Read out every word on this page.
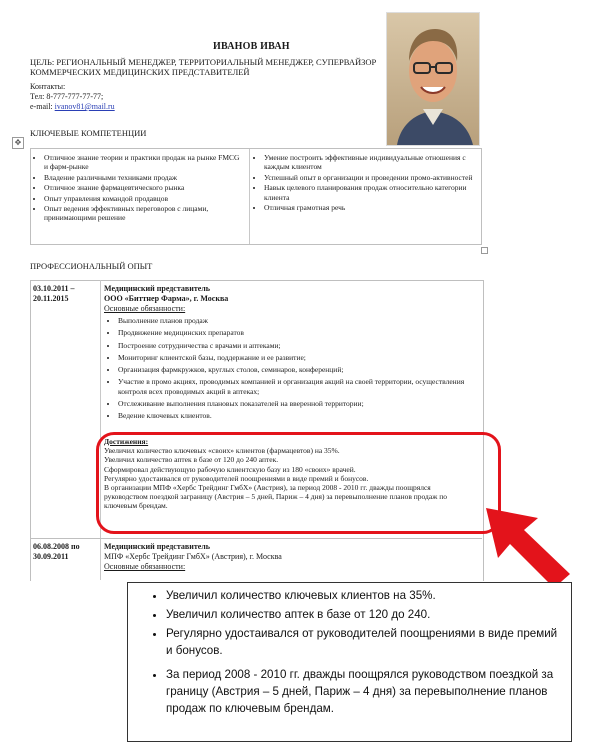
ИВАНОВ ИВАН
ЦЕЛЬ: РЕГИОНАЛЬНЫЙ МЕНЕДЖЕР, ТЕРРИТОРИАЛЬНЫЙ МЕНЕДЖЕР, СУПЕРВАЙЗОР КОММЕРЧЕСКИХ МЕДИЦИНСКИХ ПРЕДСТАВИТЕЛЕЙ
Контакты:
Тел: 8-777-777-77-77;
e-mail: ivanov81@mail.ru
КЛЮЧЕВЫЕ КОМПЕТЕНЦИИ
✥
• Отличное знание теории и практики продаж на рынке FMCG и фарм-рынке
• Владение различными техниками продаж
• Отличное знание фармацевтического рынка
• Опыт управления командой продавцов
• Опыт ведения эффективных переговоров с лицами, принимающими решение
• Умение построить эффективные индивидуальные отношения с каждым клиентом
• Успешный опыт в организации и проведении промо-активностей
• Навык целевого планирования продаж относительно категории клиента
• Отличная грамотная речь
ПРОФЕССИОНАЛЬНЫЙ ОПЫТ
03.10.2011 –
20.11.2015
Медицинский представитель
ООО «Биттнер Фарма», г. Москва
Основные обязанности:
• Выполнение планов продаж
• Продвижение медицинских препаратов
• Построение сотрудничества с врачами и аптеками;
• Мониторинг клиентской базы, поддержание и ее развитие;
• Организация фармкружков, круглых столов, семинаров, конференций;
• Участие в промо акциях, проводимых компанией и организация акций на своей территории, осуществления контроля всех проводимых акций в аптеках;
• Отслеживание выполнения плановых показателей на вверенной территории;
• Ведение ключевых клиентов.
Достижения:
Увеличил количество ключевых «своих» клиентов (фармацевтов) на 35%.
Увеличил количество аптек в базе от 120 до 240 аптек.
Сформировал действующую рабочую клиентскую базу из 180 «своих» врачей.
Регулярно удостаивался от руководителей поощрениями в виде премий и бонусов.
В организации МПФ «Хербс Трейдинг ГмбХ» (Австрия), за период 2008 - 2010 гг. дважды поощрялся руководством поездкой заграницу (Австрия – 5 дней, Париж – 4 дня) за перевыполнение планов продаж по ключевым брендам.
06.08.2008 по
30.09.2011
Медицинский представитель
МПФ «Хербс Трейдинг ГмбХ» (Австрия), г. Москва
Основные обязанности:
• Увеличил количество ключевых клиентов на 35%.
• Увеличил количество аптек в базе от 120 до 240.
• Регулярно удостаивался от руководителей поощрениями в виде премий и бонусов.
• За период 2008 - 2010 гг. дважды поощрялся руководством поездкой за границу (Австрия – 5 дней, Париж – 4 дня) за перевыполнение планов продаж по ключевым брендам.
